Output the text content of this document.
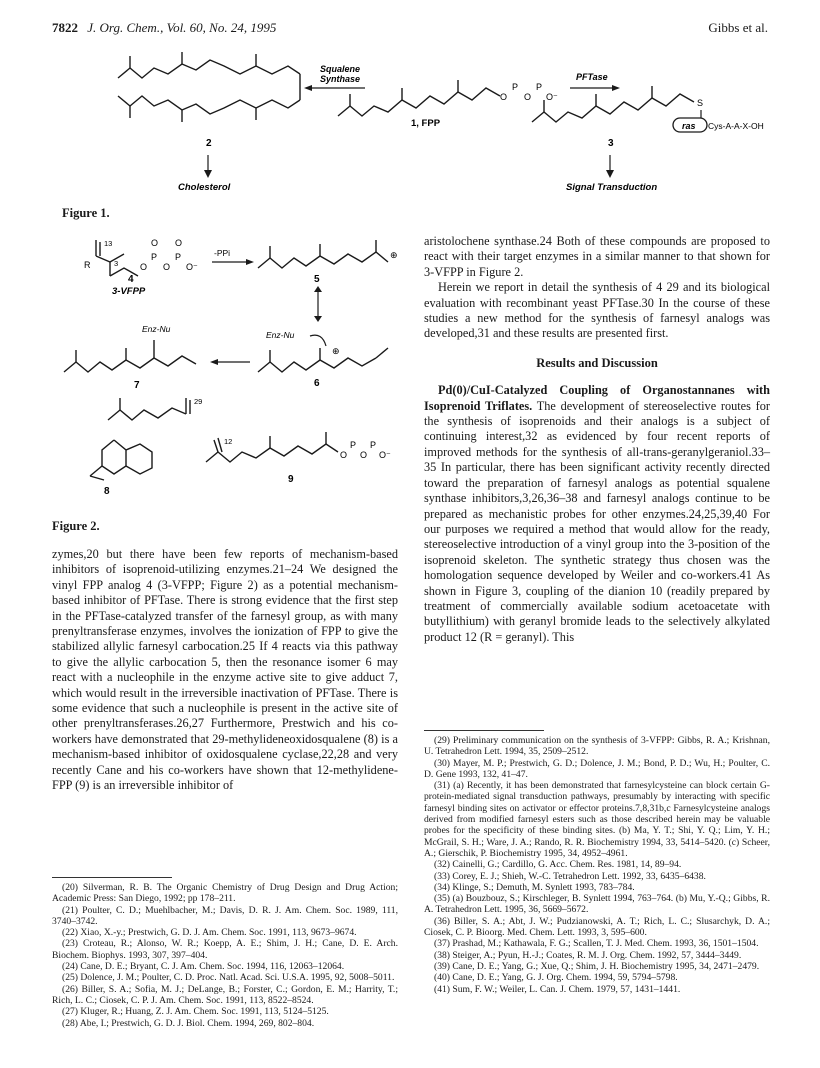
7822 J. Org. Chem., Vol. 60, No. 24, 1995	Gibbs et al.
2
Cholesterol
Squalene Synthase
O
P
O
P
O⁻
1, FPP
PFTase
S
ras Cys-A-A-X-OH
3
Signal Transduction
Figure 1.
13
R	3 O
P
O
P
O⁻
O O
4
3-VFPP
-PPi	⊕
5
Enz-Nu
Enz-Nu
⊕
6
7
29
8
12
O
P
O
P
O⁻
9
Figure 2.

zymes,20 but there have been few reports of mechanism-based inhibitors of isoprenoid-utilizing enzymes.21–24 We designed the vinyl FPP analog 4 (3-VFPP; Figure 2) as a potential mechanism-based inhibitor of PFTase. There is strong evidence that the first step in the PFTase-catalyzed transfer of the farnesyl group, as with many prenyltransferase enzymes, involves the ionization of FPP to give the stabilized allylic farnesyl carbocation.25 If 4 reacts via this pathway to give the allylic carbocation 5, then the resonance isomer 6 may react with a nucleophile in the enzyme active site to give adduct 7, which would result in the irreversible inactivation of PFTase. There is some evidence that such a nucleophile is present in the active site of other prenyltransferases.26,27 Furthermore, Prestwich and his co-workers have demonstrated that 29-methylideneoxidosqualene (8) is a mechanism-based inhibitor of oxidosqualene cyclase,22,28 and very recently Cane and his co-workers have shown that 12-methylidene-FPP (9) is an irreversible inhibitor of

aristolochene synthase.24 Both of these compounds are proposed to react with their target enzymes in a similar manner to that shown for 3-VFPP in Figure 2.

Herein we report in detail the synthesis of 4 29 and its biological evaluation with recombinant yeast PFTase.30 In the course of these studies a new method for the synthesis of farnesyl analogs was developed,31 and these results are presented first.

Results and Discussion

Pd(0)/CuI-Catalyzed Coupling of Organostannanes with Isoprenoid Triflates. The development of stereoselective routes for the synthesis of isoprenoids and their analogs is a subject of continuing interest,32 as evidenced by four recent reports of improved methods for the synthesis of all-trans-geranylgeraniol.33–35 In particular, there has been significant activity recently directed toward the preparation of farnesyl analogs as potential squalene synthase inhibitors,3,26,36–38 and farnesyl analogs continue to be prepared as mechanistic probes for other enzymes.24,25,39,40 For our purposes we required a method that would allow for the ready, stereoselective introduction of a vinyl group into the 3-position of the isoprenoid skeleton. The synthetic strategy thus chosen was the homologation sequence developed by Weiler and co-workers.41 As shown in Figure 3, coupling of the dianion 10 (readily prepared by treatment of commercially available sodium acetoacetate with butyllithium) with geranyl bromide leads to the selectively alkylated product 12 (R = geranyl). This

(20) Silverman, R. B. The Organic Chemistry of Drug Design and Drug Action; Academic Press: San Diego, 1992; pp 178–211.

(21) Poulter, C. D.; Muehlbacher, M.; Davis, D. R. J. Am. Chem. Soc. 1989, 111, 3740–3742.

(22) Xiao, X.-y.; Prestwich, G. D. J. Am. Chem. Soc. 1991, 113, 9673–9674.

(23) Croteau, R.; Alonso, W. R.; Koepp, A. E.; Shim, J. H.; Cane, D. E. Arch. Biochem. Biophys. 1993, 307, 397–404.

(24) Cane, D. E.; Bryant, C. J. Am. Chem. Soc. 1994, 116, 12063–12064.

(25) Dolence, J. M.; Poulter, C. D. Proc. Natl. Acad. Sci. U.S.A. 1995, 92, 5008–5011.

(26) Biller, S. A.; Sofia, M. J.; DeLange, B.; Forster, C.; Gordon, E. M.; Harrity, T.; Rich, L. C.; Ciosek, C. P. J. Am. Chem. Soc. 1991, 113, 8522–8524.

(27) Kluger, R.; Huang, Z. J. Am. Chem. Soc. 1991, 113, 5124–5125.

(28) Abe, I.; Prestwich, G. D. J. Biol. Chem. 1994, 269, 802–804.

(29) Preliminary communication on the synthesis of 3-VFPP: Gibbs, R. A.; Krishnan, U. Tetrahedron Lett. 1994, 35, 2509–2512.

(30) Mayer, M. P.; Prestwich, G. D.; Dolence, J. M.; Bond, P. D.; Wu, H.; Poulter, C. D. Gene 1993, 132, 41–47.

(31) (a) Recently, it has been demonstrated that farnesylcysteine can block certain G-protein-mediated signal transduction pathways, presumably by interacting with specific farnesyl binding sites on activator or effector proteins.7,8,31b,c Farnesylcysteine analogs derived from modified farnesyl esters such as those described herein may be valuable probes for the specificity of these binding sites. (b) Ma, Y. T.; Shi, Y. Q.; Lim, Y. H.; McGrail, S. H.; Ware, J. A.; Rando, R. R. Biochemistry 1994, 33, 5414–5420. (c) Scheer, A.; Gierschik, P. Biochemistry 1995, 34, 4952–4961.

(32) Cainelli, G.; Cardillo, G. Acc. Chem. Res. 1981, 14, 89–94.

(33) Corey, E. J.; Shieh, W.-C. Tetrahedron Lett. 1992, 33, 6435–6438.

(34) Klinge, S.; Demuth, M. Synlett 1993, 783–784.

(35) (a) Bouzbouz, S.; Kirschleger, B. Synlett 1994, 763–764. (b) Mu, Y.-Q.; Gibbs, R. A. Tetrahedron Lett. 1995, 36, 5669–5672.

(36) Biller, S. A.; Abt, J. W.; Pudzianowski, A. T.; Rich, L. C.; Slusarchyk, D. A.; Ciosek, C. P. Bioorg. Med. Chem. Lett. 1993, 3, 595–600.

(37) Prashad, M.; Kathawala, F. G.; Scallen, T. J. Med. Chem. 1993, 36, 1501–1504.

(38) Steiger, A.; Pyun, H.-J.; Coates, R. M. J. Org. Chem. 1992, 57, 3444–3449.

(39) Cane, D. E.; Yang, G.; Xue, Q.; Shim, J. H. Biochemistry 1995, 34, 2471–2479.

(40) Cane, D. E.; Yang, G. J. Org. Chem. 1994, 59, 5794–5798.

(41) Sum, F. W.; Weiler, L. Can. J. Chem. 1979, 57, 1431–1441.
